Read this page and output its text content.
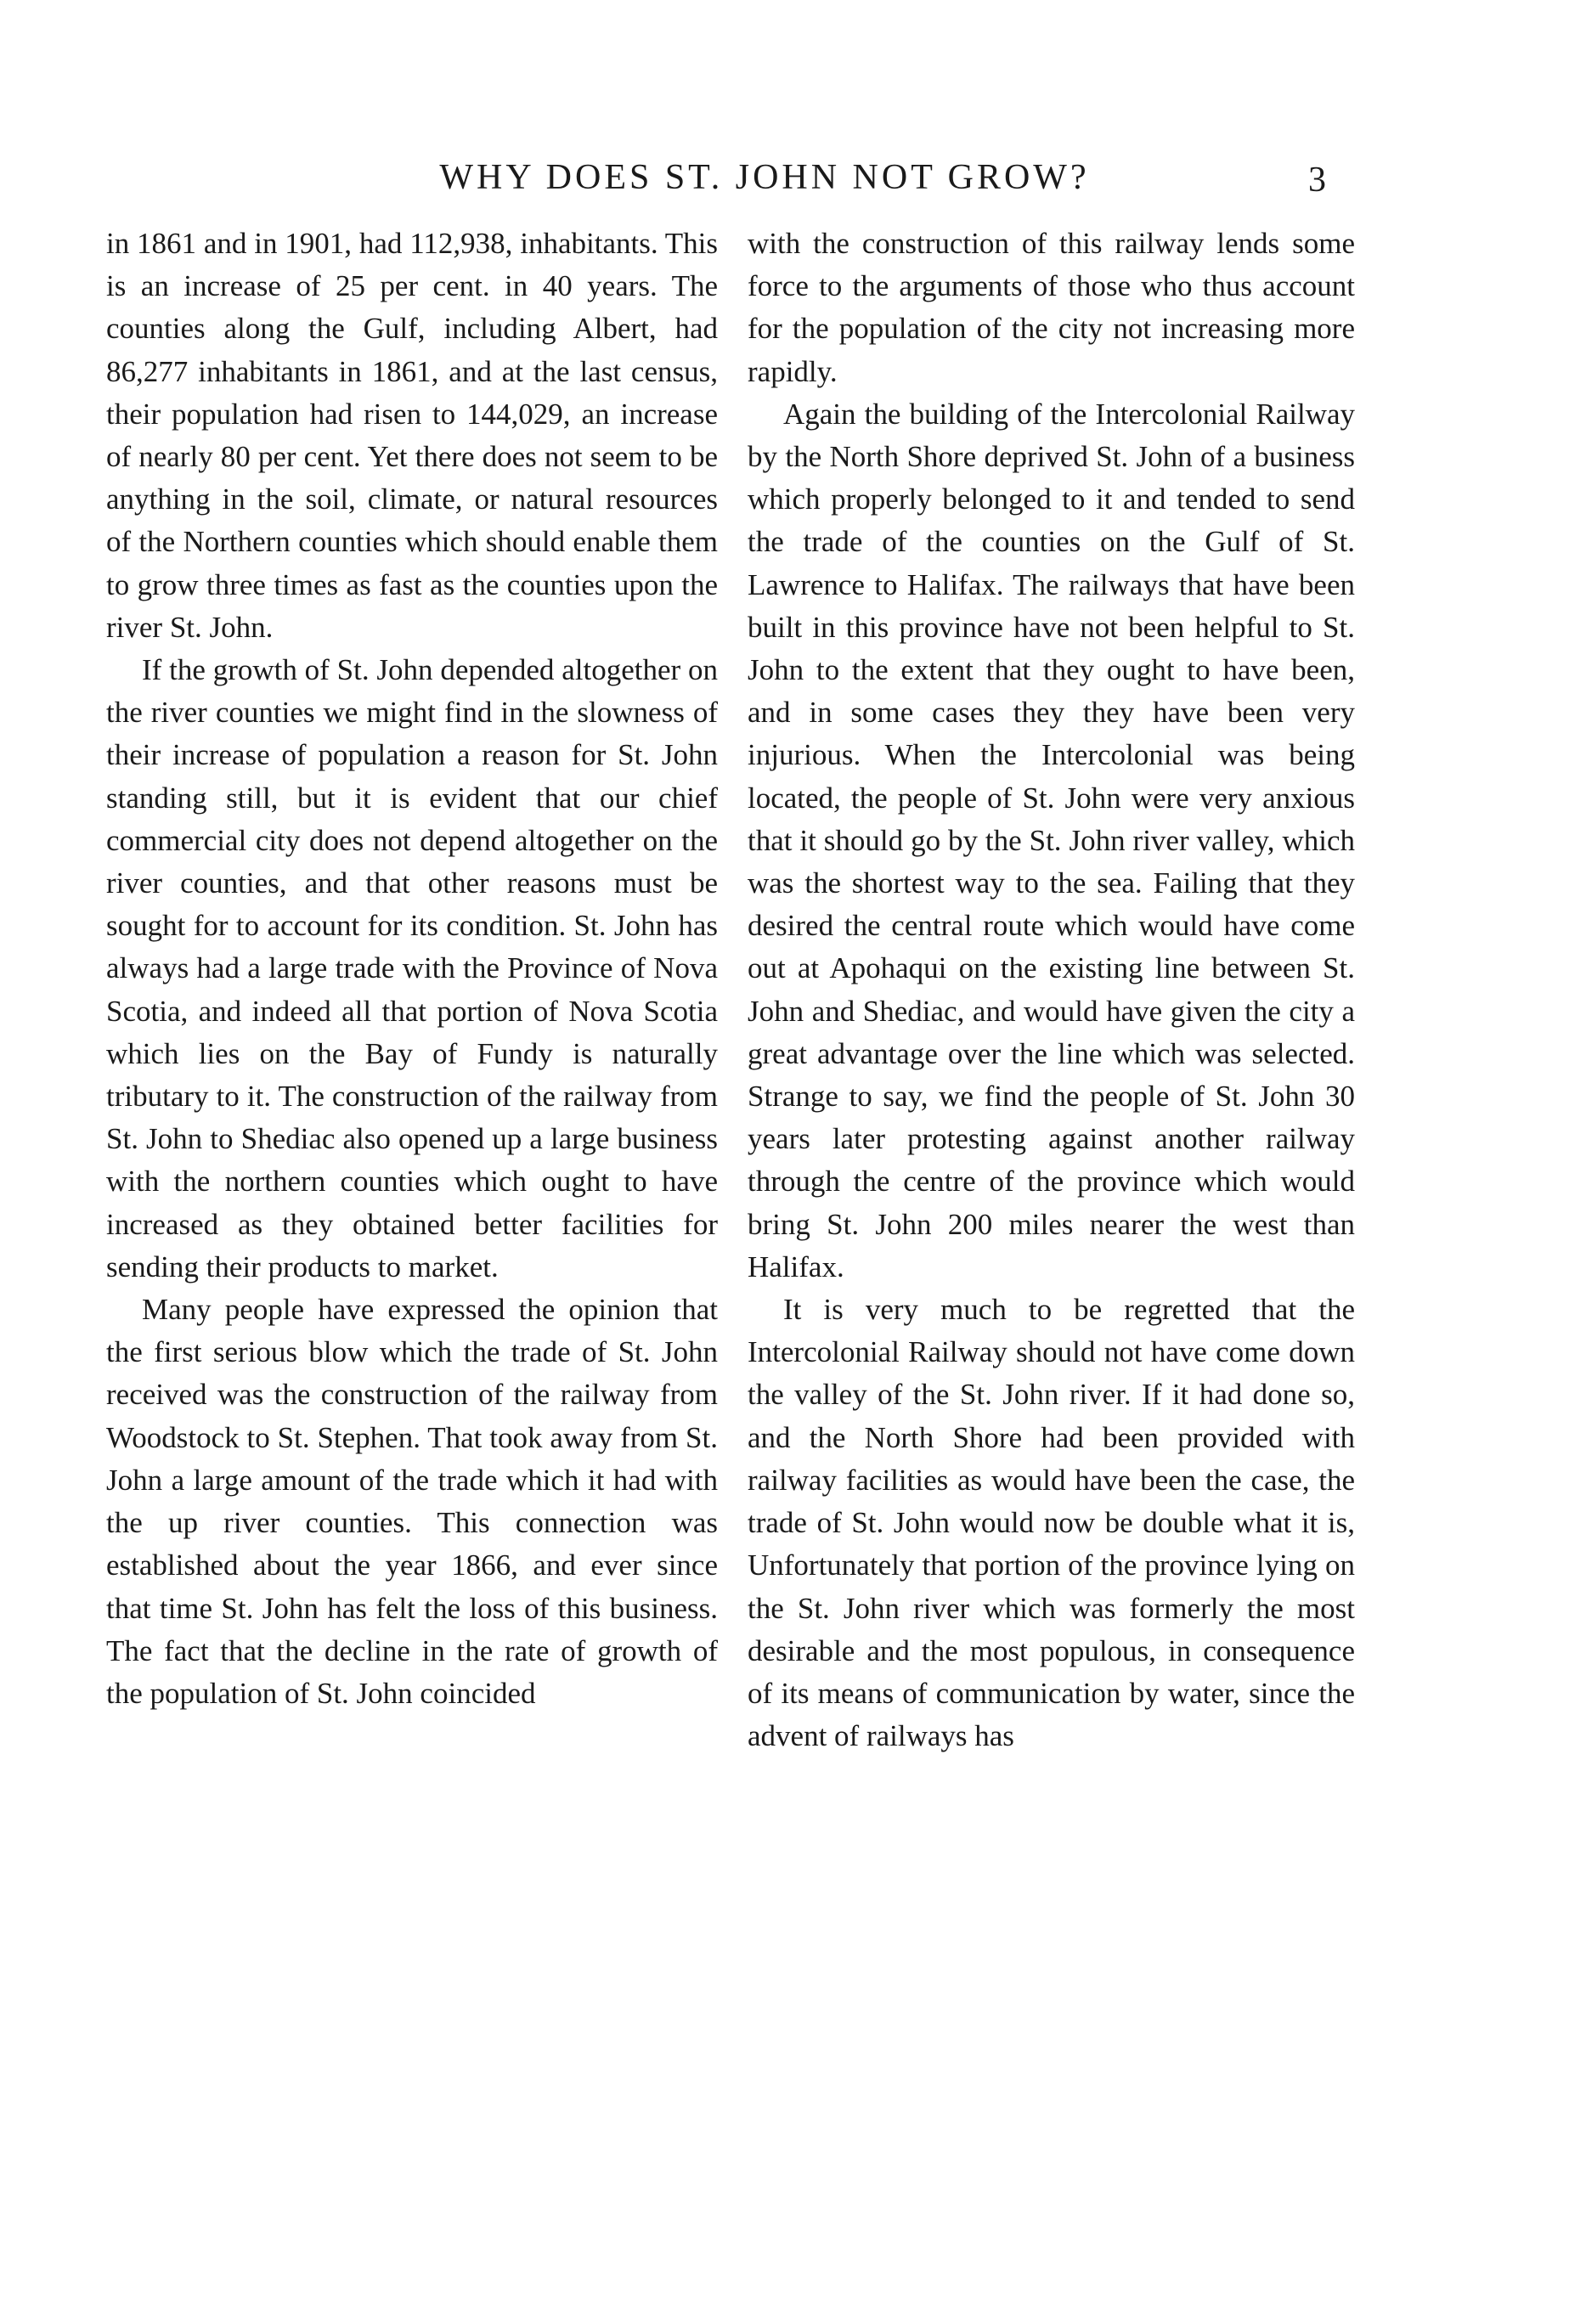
WHY DOES ST. JOHN NOT GROW?	3

in 1861 and in 1901, had 112,938, inhabitants. This is an increase of 25 per cent. in 40 years. The counties along the Gulf, including Albert, had 86,277 inhabitants in 1861, and at the last census, their population had risen to 144,029, an increase of nearly 80 per cent. Yet there does not seem to be anything in the soil, climate, or natural resources of the Northern counties which should enable them to grow three times as fast as the counties upon the river St. John.

If the growth of St. John depended altogether on the river counties we might find in the slowness of their increase of population a reason for St. John standing still, but it is evident that our chief commercial city does not depend altogether on the river counties, and that other reasons must be sought for to account for its condition. St. John has always had a large trade with the Province of Nova Scotia, and indeed all that portion of Nova Scotia which lies on the Bay of Fundy is naturally tributary to it. The construction of the railway from St. John to Shediac also opened up a large business with the northern counties which ought to have increased as they obtained better facilities for sending their products to market.

Many people have expressed the opinion that the first serious blow which the trade of St. John received was the construction of the railway from Woodstock to St. Stephen. That took away from St. John a large amount of the trade which it had with the up river counties. This connection was established about the year 1866, and ever since that time St. John has felt the loss of this business. The fact that the decline in the rate of growth of the population of St. John coincided

with the construction of this railway lends some force to the arguments of those who thus account for the population of the city not increasing more rapidly.

Again the building of the Intercolonial Railway by the North Shore deprived St. John of a business which properly belonged to it and tended to send the trade of the counties on the Gulf of St. Lawrence to Halifax. The railways that have been built in this province have not been helpful to St. John to the extent that they ought to have been, and in some cases they they have been very injurious. When the Intercolonial was being located, the people of St. John were very anxious that it should go by the St. John river valley, which was the shortest way to the sea. Failing that they desired the central route which would have come out at Apohaqui on the existing line between St. John and Shediac, and would have given the city a great advantage over the line which was selected. Strange to say, we find the people of St. John 30 years later protesting against another railway through the centre of the province which would bring St. John 200 miles nearer the west than Halifax.

It is very much to be regretted that the Intercolonial Railway should not have come down the valley of the St. John river. If it had done so, and the North Shore had been provided with railway facilities as would have been the case, the trade of St. John would now be double what it is, Unfortunately that portion of the province lying on the St. John river which was formerly the most desirable and the most populous, in consequence of its means of communication by water, since the advent of railways has
